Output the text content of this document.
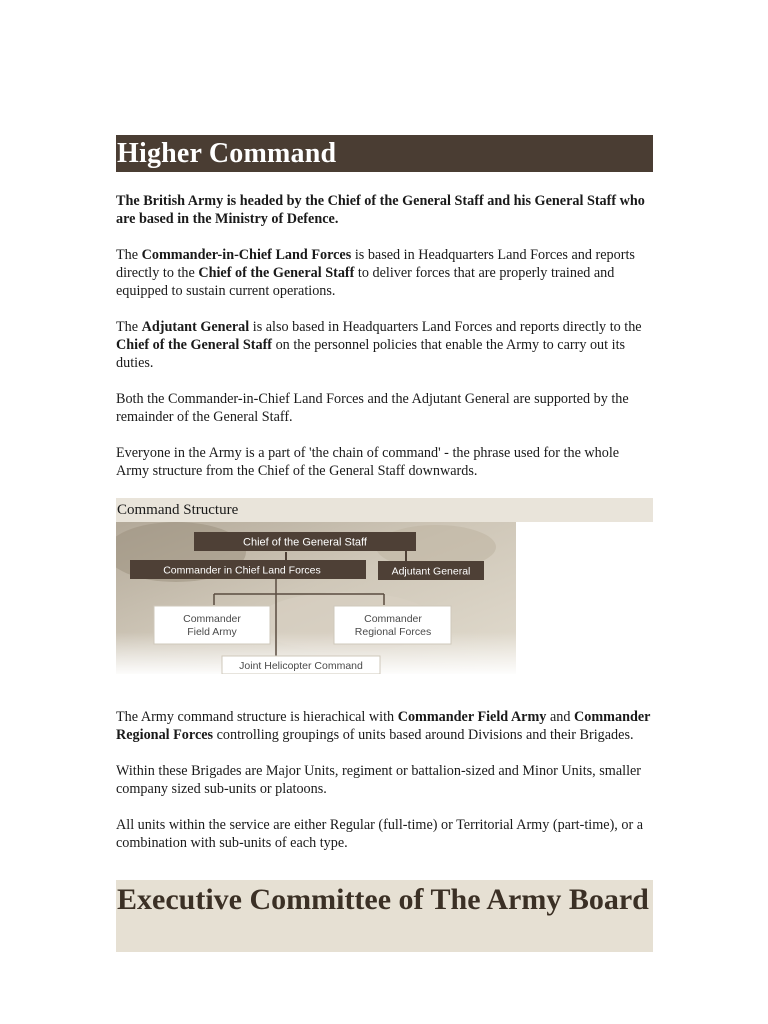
Higher Command

The British Army is headed by the Chief of the General Staff and his General Staff who are based in the Ministry of Defence.

The Commander-in-Chief Land Forces is based in Headquarters Land Forces and reports directly to the Chief of the General Staff to deliver forces that are properly trained and equipped to sustain current operations.

The Adjutant General is also based in Headquarters Land Forces and reports directly to the Chief of the General Staff on the personnel policies that enable the Army to carry out its duties.

Both the Commander-in-Chief Land Forces and the Adjutant General are supported by the remainder of the General Staff.

Everyone in the Army is a part of 'the chain of command' - the phrase used for the whole Army structure from the Chief of the General Staff downwards.

Command Structure
Chief of the General Staff
Commander in Chief Land Forces	Adjutant General
Commander
Field Army
Commander
Regional Forces
Joint Helicopter Command

The Army command structure is hierachical with Commander Field Army and Commander Regional Forces controlling groupings of units based around Divisions and their Brigades.

Within these Brigades are Major Units, regiment or battalion-sized and Minor Units, smaller company sized sub-units or platoons.

All units within the service are either Regular (full-time) or Territorial Army (part-time), or a combination with sub-units of each type.

Executive Committee of The Army Board
